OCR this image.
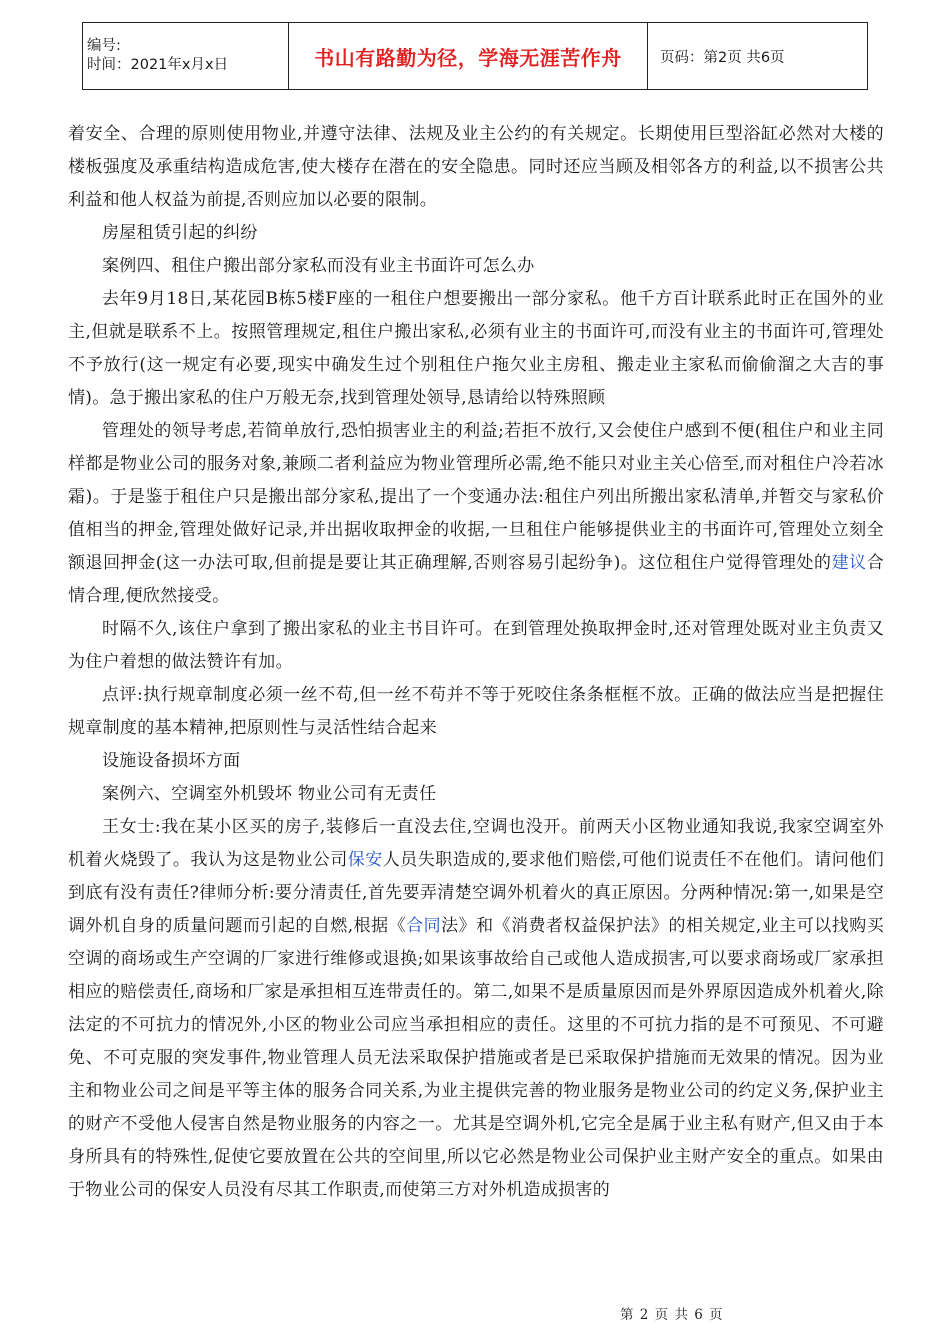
编号:
时间：2021年x月x日	书山有路勤为径，学海无涯苦作舟	页码：第2页 共6页

着安全、合理的原则使用物业,并遵守法律、法规及业主公约的有关规定。长期使用巨型浴缸必然对大楼的楼板强度及承重结构造成危害,使大楼存在潜在的安全隐患。同时还应当顾及相邻各方的利益,以不损害公共利益和他人权益为前提,否则应加以必要的限制。

房屋租赁引起的纠纷

案例四、租住户搬出部分家私而没有业主书面许可怎么办

去年9月18日,某花园B栋5楼F座的一租住户想要搬出一部分家私。他千方百计联系此时正在国外的业主,但就是联系不上。按照管理规定,租住户搬出家私,必须有业主的书面许可,而没有业主的书面许可,管理处不予放行(这一规定有必要,现实中确发生过个别租住户拖欠业主房租、搬走业主家私而偷偷溜之大吉的事情)。急于搬出家私的住户万般无奈,找到管理处领导,恳请给以特殊照顾

管理处的领导考虑,若简单放行,恐怕损害业主的利益;若拒不放行,又会使住户感到不便(租住户和业主同样都是物业公司的服务对象,兼顾二者利益应为物业管理所必需,绝不能只对业主关心倍至,而对租住户冷若冰霜)。于是鉴于租住户只是搬出部分家私,提出了一个变通办法:租住户列出所搬出家私清单,并暂交与家私价值相当的押金,管理处做好记录,并出据收取押金的收据,一旦租住户能够提供业主的书面许可,管理处立刻全额退回押金(这一办法可取,但前提是要让其正确理解,否则容易引起纷争)。这位租住户觉得管理处的建议合情合理,便欣然接受。

时隔不久,该住户拿到了搬出家私的业主书目许可。在到管理处换取押金时,还对管理处既对业主负责又为住户着想的做法赞许有加。

点评:执行规章制度必须一丝不苟,但一丝不苟并不等于死咬住条条框框不放。正确的做法应当是把握住规章制度的基本精神,把原则性与灵活性结合起来

设施设备损坏方面

案例六、空调室外机毁坏 物业公司有无责任

王女士:我在某小区买的房子,装修后一直没去住,空调也没开。前两天小区物业通知我说,我家空调室外机着火烧毁了。我认为这是物业公司保安人员失职造成的,要求他们赔偿,可他们说责任不在他们。请问他们到底有没有责任?律师分析:要分清责任,首先要弄清楚空调外机着火的真正原因。分两种情况:第一,如果是空调外机自身的质量问题而引起的自燃,根据《合同法》和《消费者权益保护法》的相关规定,业主可以找购买空调的商场或生产空调的厂家进行维修或退换;如果该事故给自己或他人造成损害,可以要求商场或厂家承担相应的赔偿责任,商场和厂家是承担相互连带责任的。第二,如果不是质量原因而是外界原因造成外机着火,除法定的不可抗力的情况外,小区的物业公司应当承担相应的责任。这里的不可抗力指的是不可预见、不可避免、不可克服的突发事件,物业管理人员无法采取保护措施或者是已采取保护措施而无效果的情况。因为业主和物业公司之间是平等主体的服务合同关系,为业主提供完善的物业服务是物业公司的约定义务,保护业主的财产不受他人侵害自然是物业服务的内容之一。尤其是空调外机,它完全是属于业主私有财产,但又由于本身所具有的特殊性,促使它要放置在公共的空间里,所以它必然是物业公司保护业主财产安全的重点。如果由于物业公司的保安人员没有尽其工作职责,而使第三方对外机造成损害的

第 2 页 共 6 页
